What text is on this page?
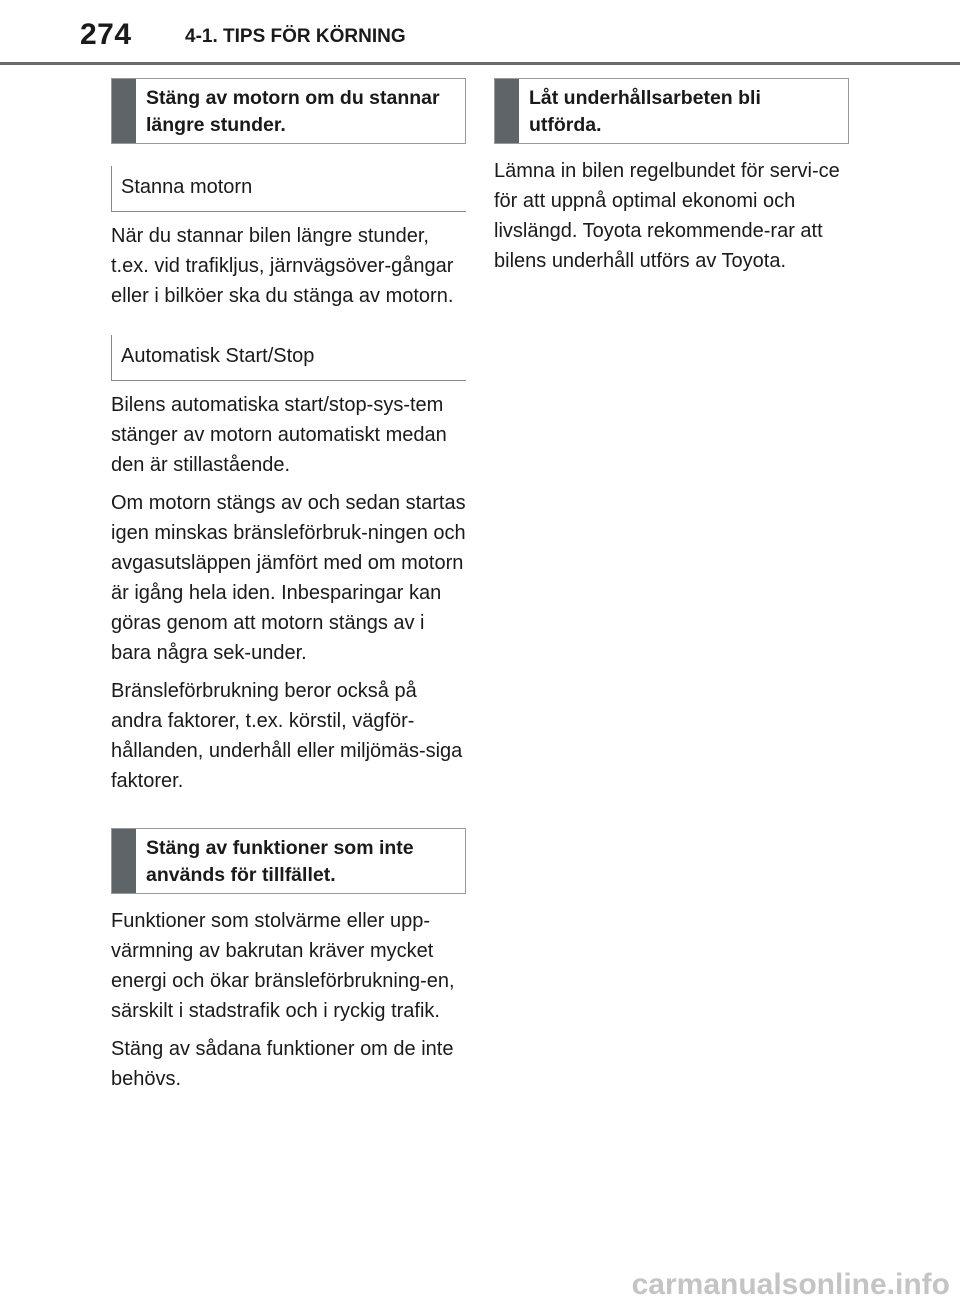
274	4-1. TIPS FÖR KÖRNING
Stäng av motorn om du stannar längre stunder.
Stanna motorn

När du stannar bilen längre stunder, t.ex. vid trafikljus, järnvägsöver-gångar eller i bilköer ska du stänga av motorn.

Automatisk Start/Stop

Bilens automatiska start/stop-sys-tem stänger av motorn automatiskt medan den är stillastående.

Om motorn stängs av och sedan startas igen minskas bränsleförbruk-ningen och avgasutsläppen jämfört med om motorn är igång hela iden. Inbesparingar kan göras genom att motorn stängs av i bara några sek-under.

Bränsleförbrukning beror också på andra faktorer, t.ex. körstil, vägför-hållanden, underhåll eller miljömäs-siga faktorer.

Stäng av funktioner som inte används för tillfället.

Funktioner som stolvärme eller upp-värmning av bakrutan kräver mycket energi och ökar bränsleförbrukning-en, särskilt i stadstrafik och i ryckig trafik.

Stäng av sådana funktioner om de inte behövs.

Låt underhållsarbeten bli utförda.

Lämna in bilen regelbundet för servi-ce för att uppnå optimal ekonomi och livslängd. Toyota rekommende-rar att bilens underhåll utförs av Toyota.

carmanualsonline.info
